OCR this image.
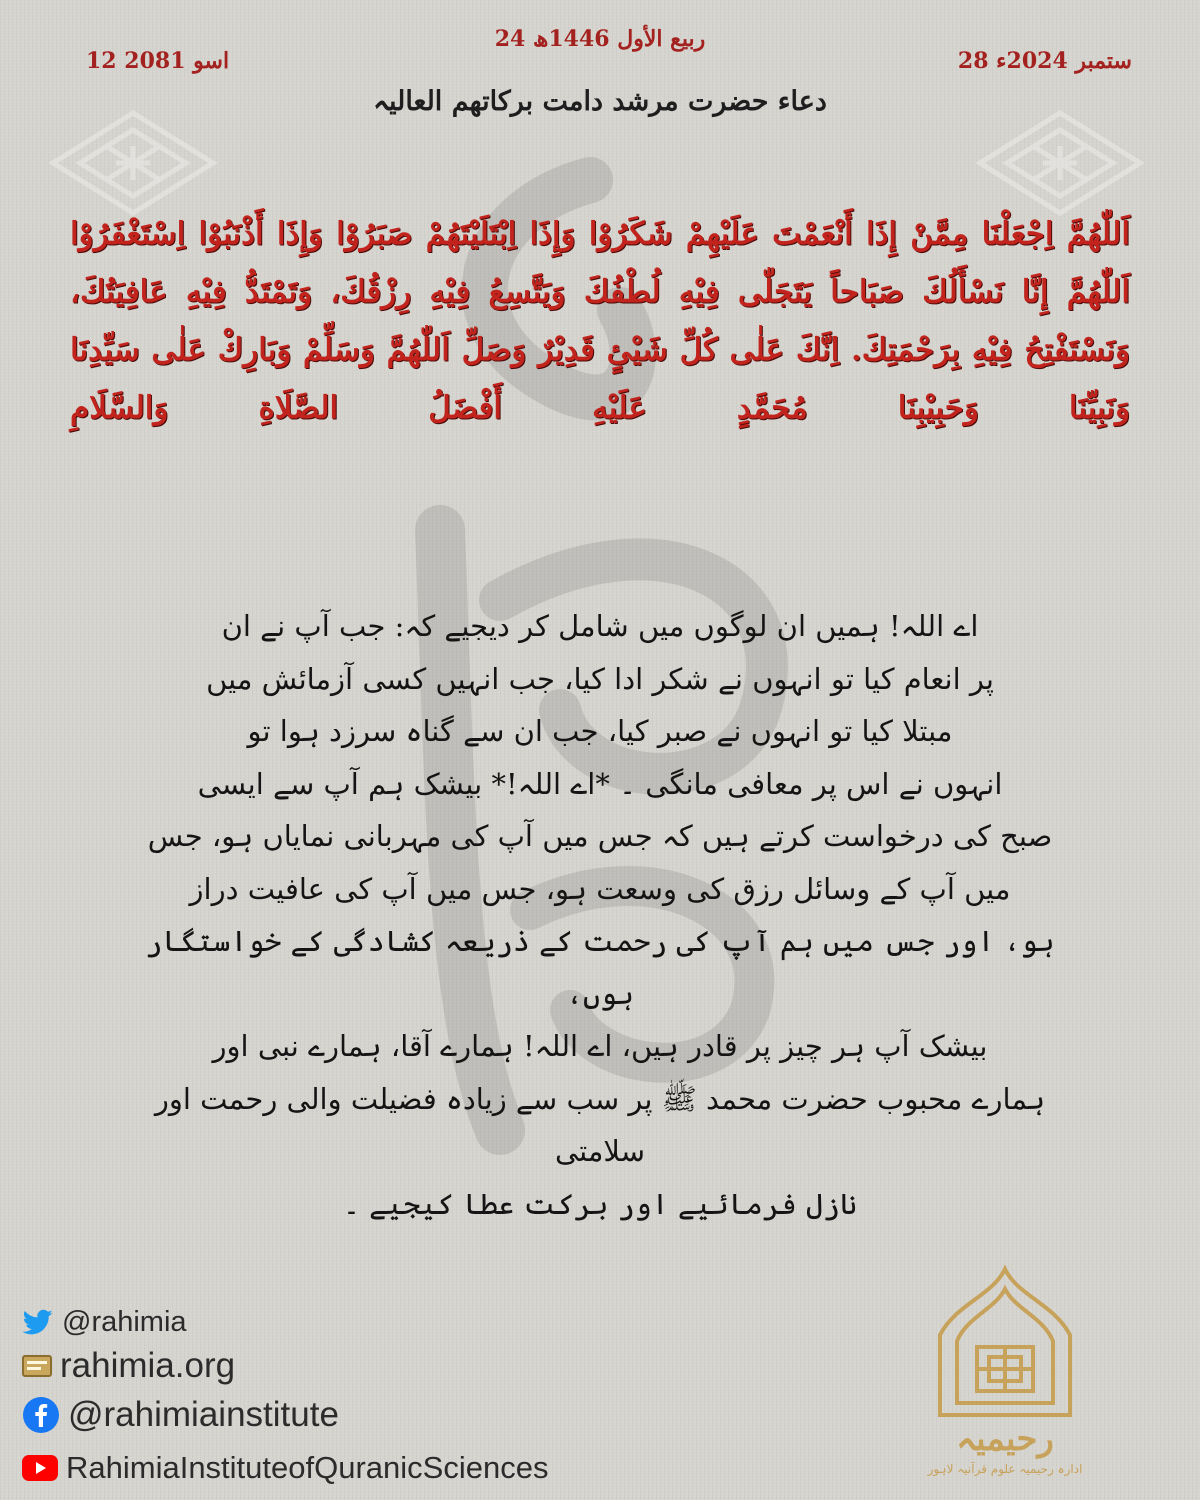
24 ربیع الأول 1446ھ
28 ستمبر 2024ء
12 اسو 2081
دعاء حضرت مرشد دامت برکاتھم العالیہ
اَللّٰهُمَّ اِجْعَلْنَا مِمَّنْ إِذَا أَنْعَمْتَ عَلَيْهِمْ شَكَرُوْا وَإِذَا اِبْتَلَيْتَهُمْ صَبَرُوْا وَإِذَا أَذْنَبُوْا اِسْتَغْفَرُوْا اَللّٰهُمَّ إِنَّا نَسْأَلُكَ صَبَاحاً يَتَجَلّٰى فِيْهِ لُطْفُكَ وَيَتَّسِعُ فِيْهِ رِزْقُكَ، وَتَمْتَدُّ فِيْهِ عَافِيَتُكَ، وَنَسْتَفْتِحُ فِيْهِ بِرَحْمَتِكَ. اِنَّكَ عَلٰى كُلِّ شَيْئٍ قَدِيْرٌ وَصَلِّ اَللّٰهُمَّ وَسَلِّمْ وَبَارِكْ عَلٰى سَيِّدِنَا وَنَبِيِّنَا وَحَبِيْبِنَا مُحَمَّدٍ عَلَيْهِ أَفْضَلُ الصَّلَاةِ وَالسَّلَامِ
اے اللہ! ہمیں ان لوگوں میں شامل کر دیجیے کہ: جب آپ نے ان
پر انعام کیا تو انہوں نے شکر ادا کیا، جب انہیں کسی آزمائش میں
مبتلا کیا تو انہوں نے صبر کیا، جب ان سے گناہ سرزد ہوا تو
انہوں نے اس پر معافی مانگی ۔ *اے اللہ!* بیشک ہم آپ سے ایسی
صبح کی درخواست کرتے ہیں کہ جس میں آپ کی مہربانی نمایاں ہو، جس
میں آپ کے وسائل رزق کی وسعت ہو، جس میں آپ کی عافیت دراز
ہو، اور جس میں ہم آپ کی رحمت کے ذریعہ کشادگی کے خواستگار ہوں،
بیشک آپ ہر چیز پر قادر ہیں، اے اللہ! ہمارے آقا، ہمارے نبی اور
ہمارے محبوب حضرت محمد ﷺ پر سب سے زیادہ فضیلت والی رحمت اور سلامتی
نازل فرمائیے اور برکت عطا کیجیے ۔
@rahimia
rahimia.org
@rahimiainstitute
RahimiaInstituteofQuranicSciences
رحیمیہ
ادارہ رحیمیہ علوم قرآنیہ لاہور
